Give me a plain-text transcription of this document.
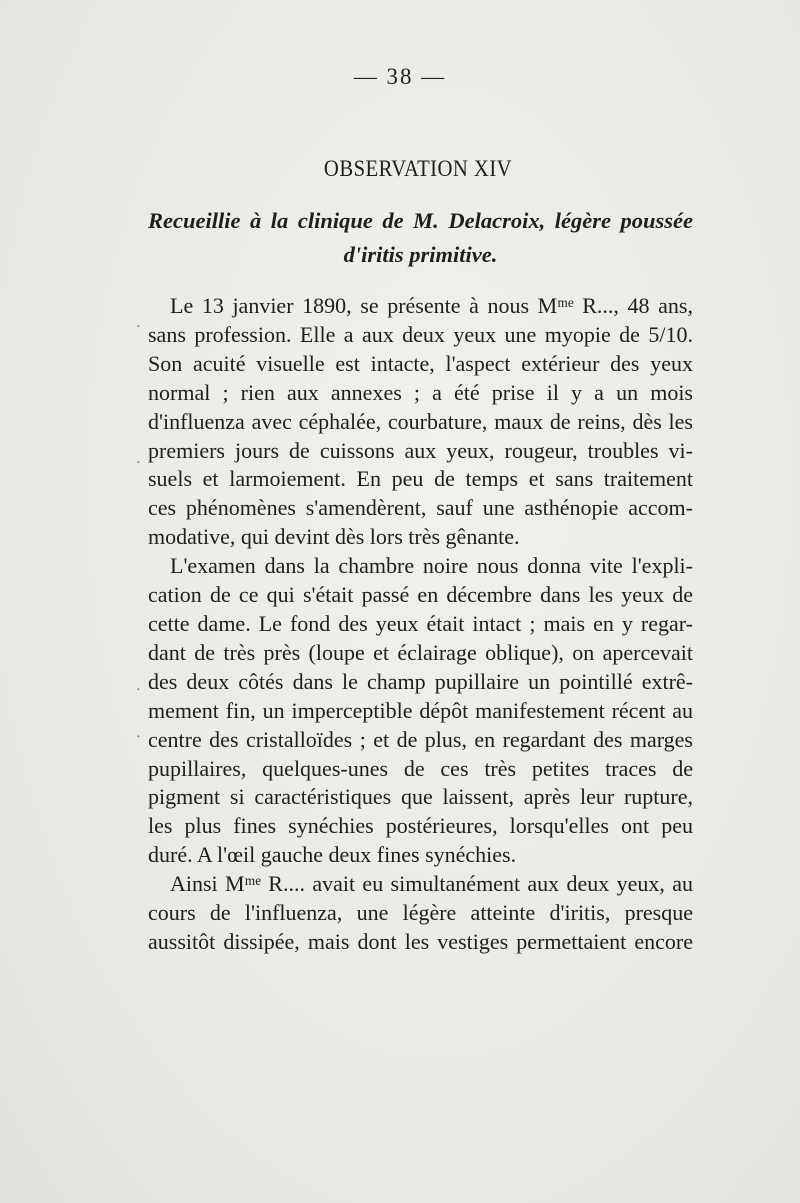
— 38 —
OBSERVATION XIV
Recueillie à la clinique de M. Delacroix, légère poussée d'iritis primitive.
Le 13 janvier 1890, se présente à nous Mᵐᵉ R..., 48 ans,
sans profession. Elle a aux deux yeux une myopie de 5/10.
Son acuité visuelle est intacte, l'aspect extérieur des yeux
normal ; rien aux annexes ; a été prise il y a un mois
d'influenza avec céphalée, courbature, maux de reins, dès les
premiers jours de cuissons aux yeux, rougeur, troubles vi-
suels et larmoiement. En peu de temps et sans traitement
ces phénomènes s'amendèrent, sauf une asthénopie accom-
modative, qui devint dès lors très gênante.
L'examen dans la chambre noire nous donna vite l'expli-
cation de ce qui s'était passé en décembre dans les yeux de
cette dame. Le fond des yeux était intact ; mais en y regar-
dant de très près (loupe et éclairage oblique), on apercevait
des deux côtés dans le champ pupillaire un pointillé extrê-
mement fin, un imperceptible dépôt manifestement récent au
centre des cristalloïdes ; et de plus, en regardant des marges
pupillaires, quelques-unes de ces très petites traces de
pigment si caractéristiques que laissent, après leur rupture,
les plus fines synéchies postérieures, lorsqu'elles ont peu
duré. A l'œil gauche deux fines synéchies.
Ainsi Mᵐᵉ R.... avait eu simultanément aux deux yeux, au
cours de l'influenza, une légère atteinte d'iritis, presque
aussitôt dissipée, mais dont les vestiges permettaient encore
·
·
·
·
